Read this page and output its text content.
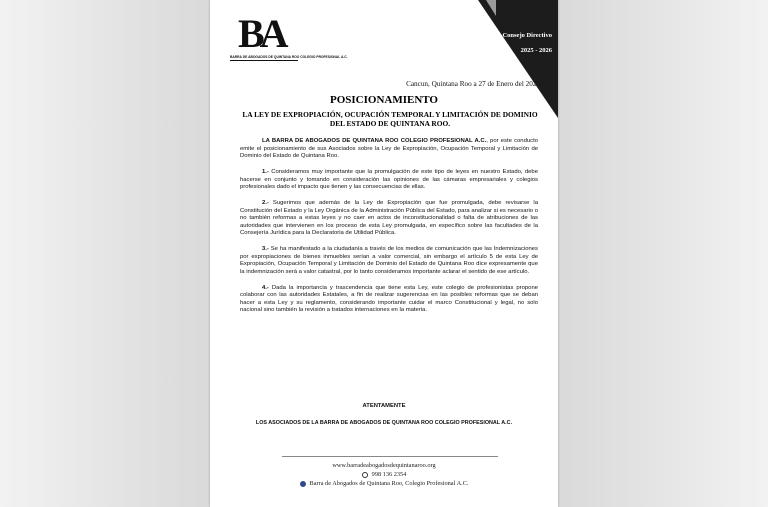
Consejo Directivo
2025 - 2026
BA
BARRA DE ABOGADOS DE QUINTANA ROO COLEGIO PROFESIONAL A.C.
Cancun, Quintana Roo a 27 de Enero del 2025
POSICIONAMIENTO
LA LEY DE EXPROPIACIÓN, OCUPACIÓN TEMPORAL Y LIMITACIÓN DE DOMINIO DEL ESTADO DE QUINTANA ROO.

LA BARRA DE ABOGADOS DE QUINTANA ROO COLEGIO PROFESIONAL A.C., por este conducto emite el posicionamiento de sus Asociados sobre la Ley de Expropiación, Ocupación Temporal y Limitación de Dominio del Estado de Quintana Roo.

1.- Consideramos muy importante que la promulgación de este tipo de leyes en nuestro Estado, debe hacerse en conjunto y tomando en consideración las opiniones de las cámaras empresariales y colegios profesionales dado el impacto que tienen y las consecuencias de ellas.

2.- Sugerimos que además de la Ley de Expropiación que fue promulgada, debe revisarse la Constitución del Estado y la Ley Orgánica de la Administración Pública del Estado, para analizar si es necesario o no también reformas a estas leyes y no caer en actos de inconstitucionalidad o falta de atribuciones de las autoridades que intervienen en los proceso de esta Ley promulgada, en específico sobre las facultades de la Consejería Jurídica para la Declaratoria de Utilidad Pública.

3.- Se ha manifestado a la ciudadanía a través de los medios de comunicación que las Indemnizaciones por expropiaciones de bienes inmuebles serían a valor comercial, sin embargo el artículo 5 de esta Ley de Expropiación, Ocupación Temporal y Limitación de Dominio del Estado de Quintana Roo dice expresamente que la indemnización será a valor catastral, por lo tanto consideramos importante aclarar el sentido de ese artículo.

4.- Dada la importancia y trascendencia que tiene esta Ley, este colegio de profesionistas propone colaborar con las autoridades Estatales, a fin de realizar sugerencias en las posibles reformas que se deban hacer a esta Ley y su reglamento, considerando importante cuidar el marco Constitucional y legal, no solo nacional sino también la revisión a tratados internaciones en la materia.

ATENTAMENTE
LOS ASOCIADOS DE LA BARRA DE ABOGADOS DE QUINTANA ROO COLEGIO PROFESIONAL A.C.
www.barradeabogadosdequintanaroo.org
998 136 2354
Barra de Abogados de Quintana Roo, Colegio Profesional A.C.
